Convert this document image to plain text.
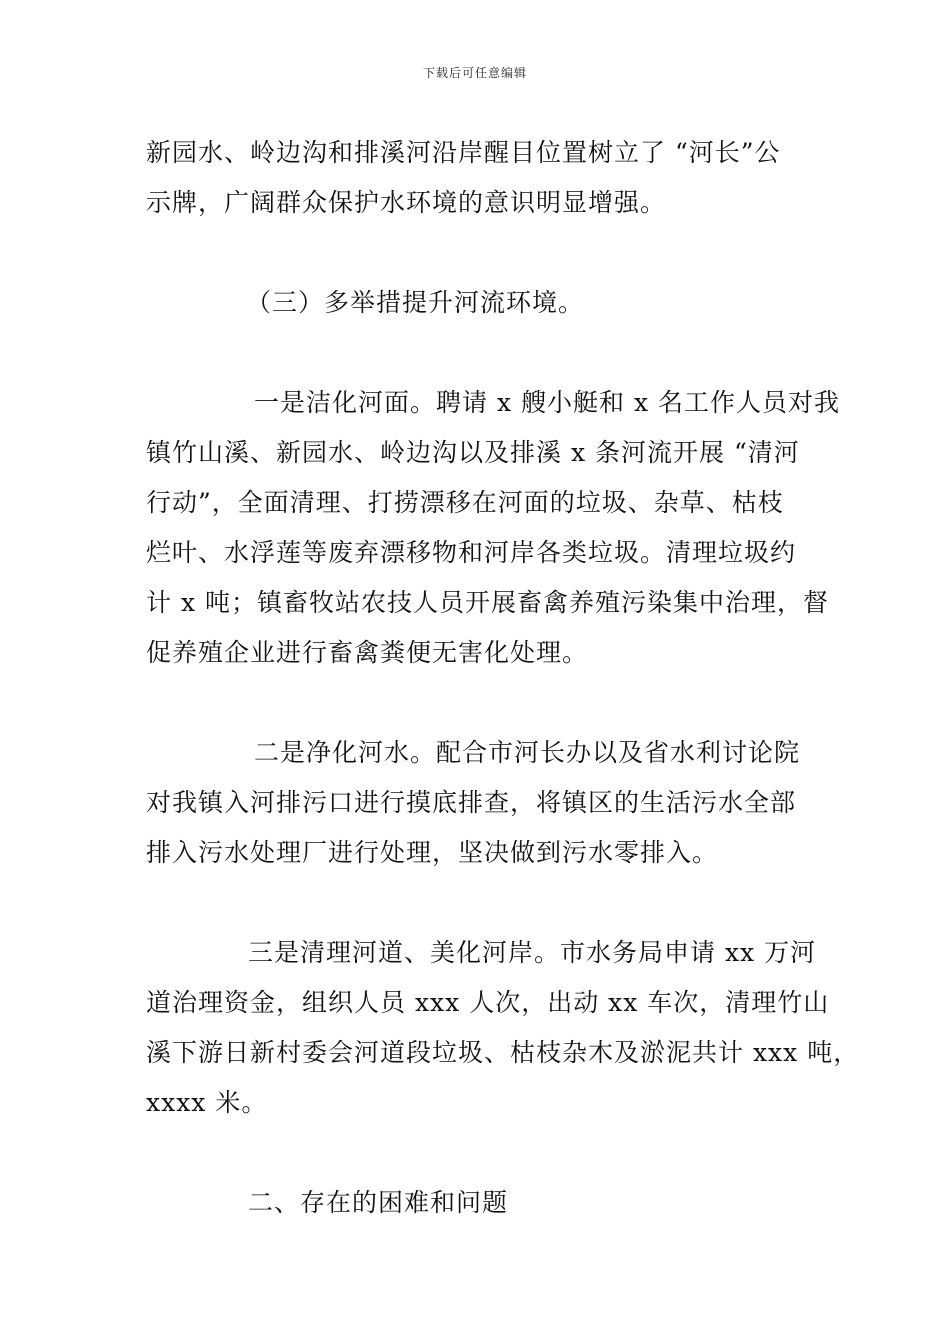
下载后可任意编辑
新园水、岭边沟和排溪河沿岸醒目位置树立了 “河长”公
示牌，广阔群众保护水环境的意识明显增强。
（三）多举措提升河流环境。
一是洁化河面。聘请 x 艘小艇和 x 名工作人员对我
镇竹山溪、新园水、岭边沟以及排溪 x 条河流开展 “清河
行动”，全面清理、打捞漂移在河面的垃圾、杂草、枯枝
烂叶、水浮莲等废弃漂移物和河岸各类垃圾。清理垃圾约
计 x 吨；镇畜牧站农技人员开展畜禽养殖污染集中治理，督
促养殖企业进行畜禽粪便无害化处理。
二是净化河水。配合市河长办以及省水利讨论院
对我镇入河排污口进行摸底排查，将镇区的生活污水全部
排入污水处理厂进行处理，坚决做到污水零排入。
三是清理河道、美化河岸。市水务局申请 xx 万河
道治理资金，组织人员 xxx 人次，出动 xx 车次，清理竹山
溪下游日新村委会河道段垃圾、枯枝杂木及淤泥共计 xxx 吨，
xxxx 米。
二、存在的困难和问题
